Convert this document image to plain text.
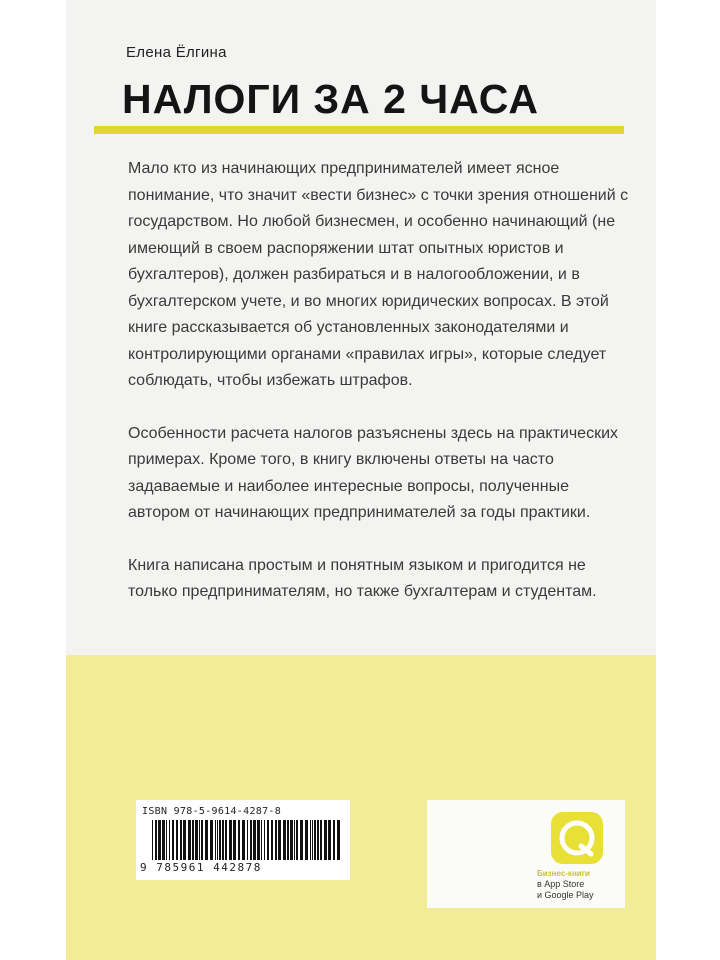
Елена Ёлгина
НАЛОГИ ЗА 2 ЧАСА

Мало кто из начинающих предпринимателей имеет ясное понимание, что значит «вести бизнес» с точки зрения отношений с государством. Но любой бизнесмен, и особенно начинающий (не имеющий в своем распоряжении штат опытных юристов и бухгалтеров), должен разбираться и в налогообложении, и в бухгалтерском учете, и во многих юридических вопросах. В этой книге рассказывается об установленных законодателями и контролирующими органами «правилах игры», которые следует соблюдать, чтобы избежать штрафов.

Особенности расчета налогов разъяснены здесь на практических примерах. Кроме того, в книгу включены ответы на часто задаваемые и наиболее интересные вопросы, полученные автором от начинающих предпринимателей за годы практики.

Книга написана простым и понятным языком и пригодится не только предпринимателям, но также бухгалтерам и студентам.

ISBN 978-5-9614-4287-8
9 785961 442878	Бизнес-книги
в App Store
и Google Play
